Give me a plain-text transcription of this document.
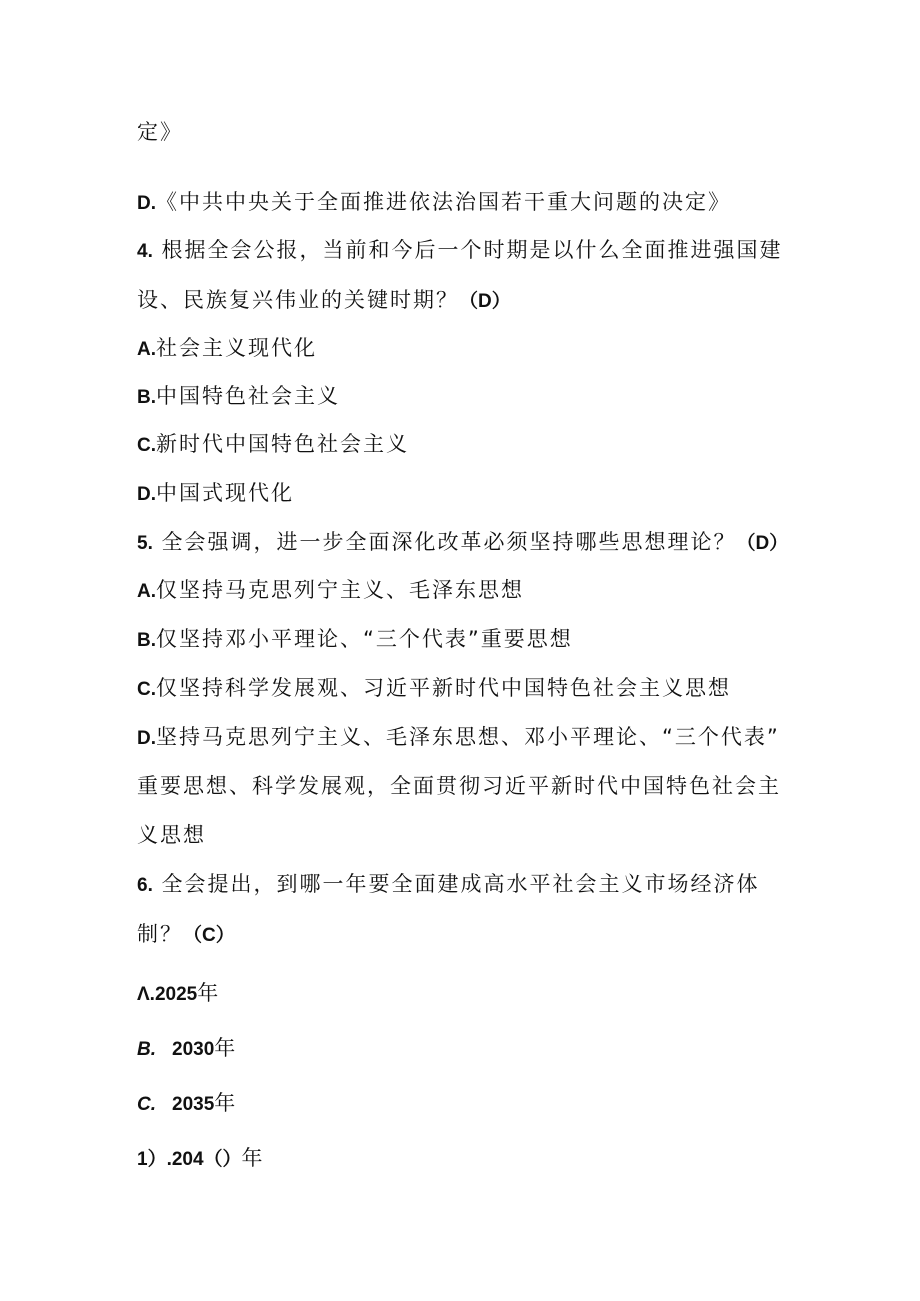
定》
D.《中共中央关于全面推进依法治国若干重大问题的决定》
4. 根据全会公报，当前和今后一个时期是以什么全面推进强国建
设、民族复兴伟业的关键时期？（D）
A.社会主义现代化
B.中国特色社会主义
C.新时代中国特色社会主义
D.中国式现代化
5. 全会强调，进一步全面深化改革必须坚持哪些思想理论？（D）
A.仅坚持马克思列宁主义、毛泽东思想
B.仅坚持邓小平理论、“三个代表”重要思想
C.仅坚持科学发展观、习近平新时代中国特色社会主义思想
D.坚持马克思列宁主义、毛泽东思想、邓小平理论、“三个代表”
重要思想、科学发展观，全面贯彻习近平新时代中国特色社会主
义思想
6. 全会提出，到哪一年要全面建成高水平社会主义市场经济体
制？（C）
Λ.2025年
B. 2030年
C. 2035年
1）.204（）年
